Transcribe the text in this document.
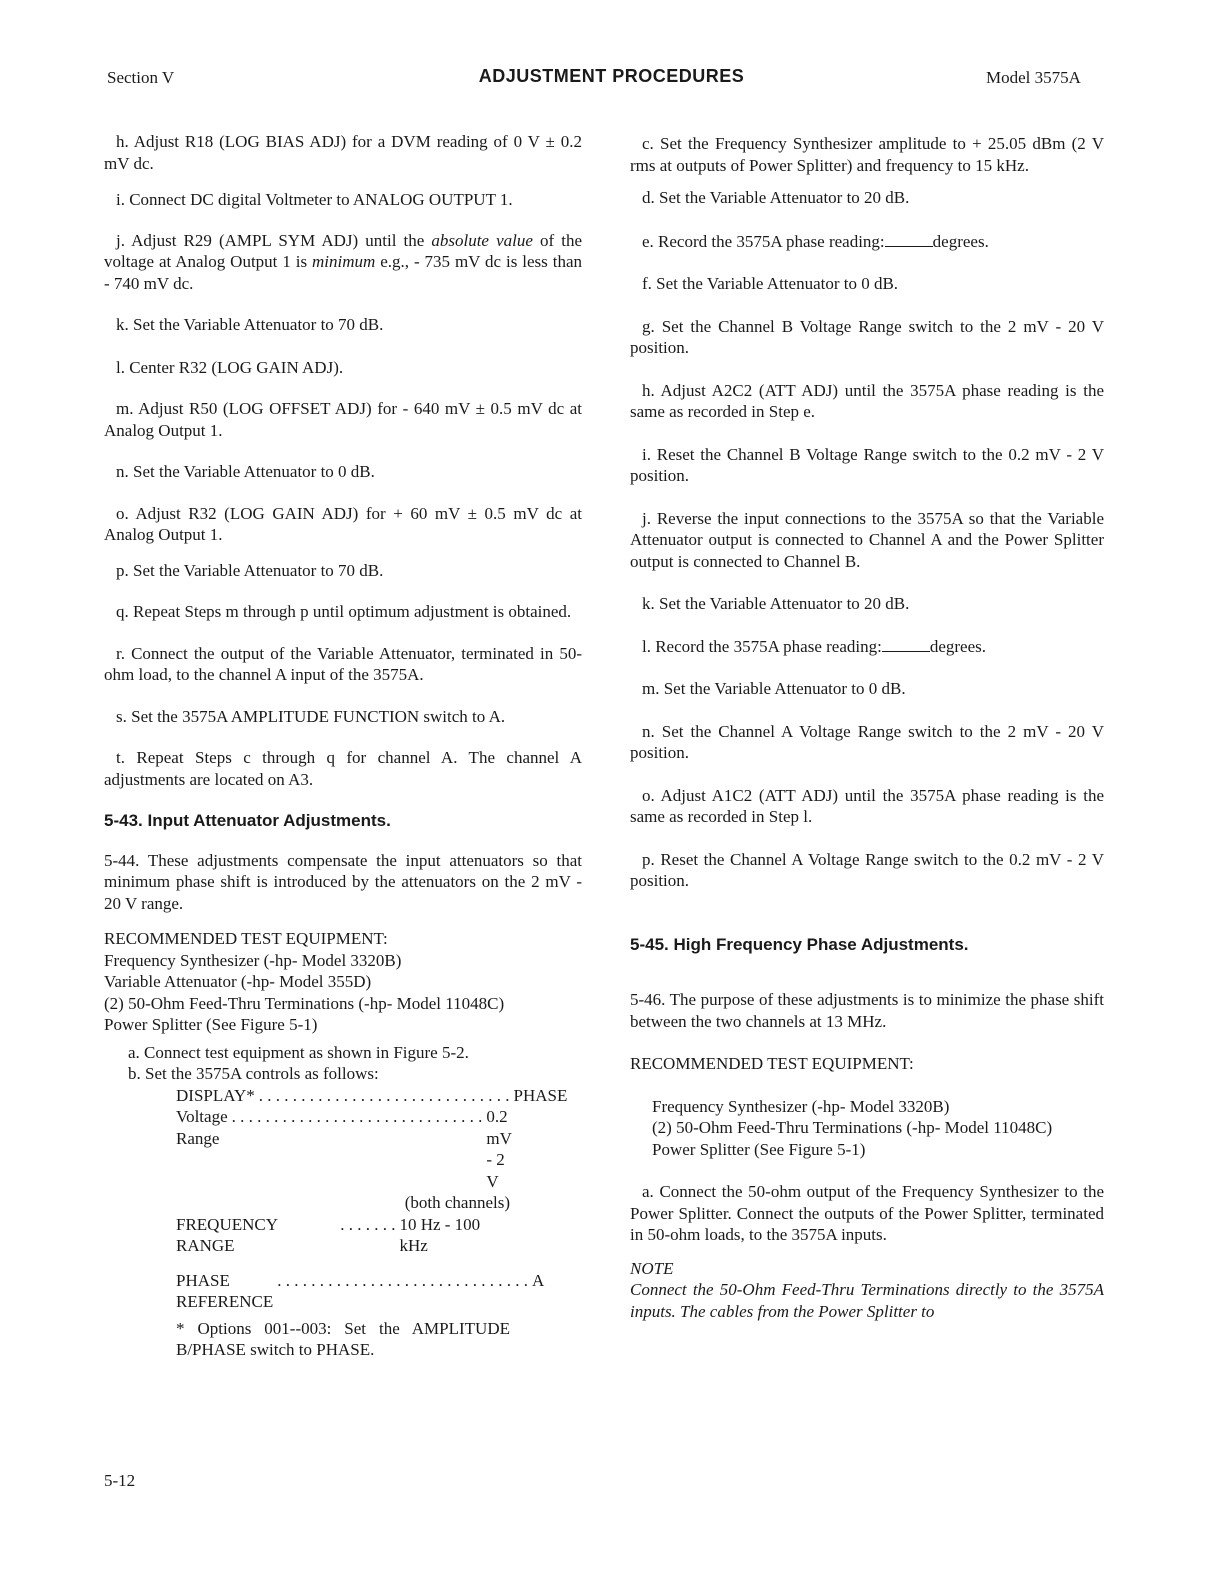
Section V	ADJUSTMENT PROCEDURES	Model 3575A

h. Adjust R18 (LOG BIAS ADJ) for a DVM reading of 0 V ± 0.2 mV dc.

i. Connect DC digital Voltmeter to ANALOG OUTPUT 1.

j. Adjust R29 (AMPL SYM ADJ) until the absolute value of the voltage at Analog Output 1 is minimum e.g., - 735 mV dc is less than - 740 mV dc.

k. Set the Variable Attenuator to 70 dB.

l. Center R32 (LOG GAIN ADJ).

m. Adjust R50 (LOG OFFSET ADJ) for - 640 mV ± 0.5 mV dc at Analog Output 1.

n. Set the Variable Attenuator to 0 dB.

o. Adjust R32 (LOG GAIN ADJ) for + 60 mV ± 0.5 mV dc at Analog Output 1.

p. Set the Variable Attenuator to 70 dB.

q. Repeat Steps m through p until optimum adjustment is obtained.

r. Connect the output of the Variable Attenuator, terminated in 50-ohm load, to the channel A input of the 3575A.

s. Set the 3575A AMPLITUDE FUNCTION switch to A.

t. Repeat Steps c through q for channel A. The channel A adjustments are located on A3.

5-43. Input Attenuator Adjustments.

5-44. These adjustments compensate the input attenuators so that minimum phase shift is introduced by the attenuators on the 2 mV - 20 V range.

RECOMMENDED TEST EQUIPMENT:

Frequency Synthesizer (-hp- Model 3320B)

Variable Attenuator (-hp- Model 355D)

(2) 50-Ohm Feed-Thru Terminations (-hp- Model 11048C)

Power Splitter (See Figure 5-1)

a. Connect test equipment as shown in Figure 5-2.

b. Set the 3575A controls as follows:

DISPLAY* . . . . . . . . . . . . . . . . . . . . . . . . . . . . . . PHASE
Voltage Range
. . . . . . . . . . . . . . . . . . . . . . . . . . . . . . 0.2 mV - 2 V
(both channels)
FREQUENCY RANGE
. . . . . . . 10 Hz - 100 kHz
PHASE REFERENCE
. . . . . . . . . . . . . . . . . . . . . . . . . . . . . . A

* Options 001--003: Set the AMPLITUDE B/PHASE switch to PHASE.

c. Set the Frequency Synthesizer amplitude to + 25.05 dBm (2 V rms at outputs of Power Splitter) and frequency to 15 kHz.

d. Set the Variable Attenuator to 20 dB.

e. Record the 3575A phase reading:	degrees.

f. Set the Variable Attenuator to 0 dB.

g. Set the Channel B Voltage Range switch to the 2 mV - 20 V position.

h. Adjust A2C2 (ATT ADJ) until the 3575A phase reading is the same as recorded in Step e.

i. Reset the Channel B Voltage Range switch to the 0.2 mV - 2 V position.

j. Reverse the input connections to the 3575A so that the Variable Attenuator output is connected to Channel A and the Power Splitter output is connected to Channel B.

k. Set the Variable Attenuator to 20 dB.

l. Record the 3575A phase reading:	degrees.

m. Set the Variable Attenuator to 0 dB.

n. Set the Channel A Voltage Range switch to the 2 mV - 20 V position.

o. Adjust A1C2 (ATT ADJ) until the 3575A phase reading is the same as recorded in Step l.

p. Reset the Channel A Voltage Range switch to the 0.2 mV - 2 V position.

5-45. High Frequency Phase Adjustments.

5-46. The purpose of these adjustments is to minimize the phase shift between the two channels at 13 MHz.

RECOMMENDED TEST EQUIPMENT:

Frequency Synthesizer (-hp- Model 3320B)

(2) 50-Ohm Feed-Thru Terminations (-hp- Model 11048C)

Power Splitter (See Figure 5-1)

a. Connect the 50-ohm output of the Frequency Synthesizer to the Power Splitter. Connect the outputs of the Power Splitter, terminated in 50-ohm loads, to the 3575A inputs.

NOTE

Connect the 50-Ohm Feed-Thru Terminations directly to the 3575A inputs. The cables from the Power Splitter to

5-12
